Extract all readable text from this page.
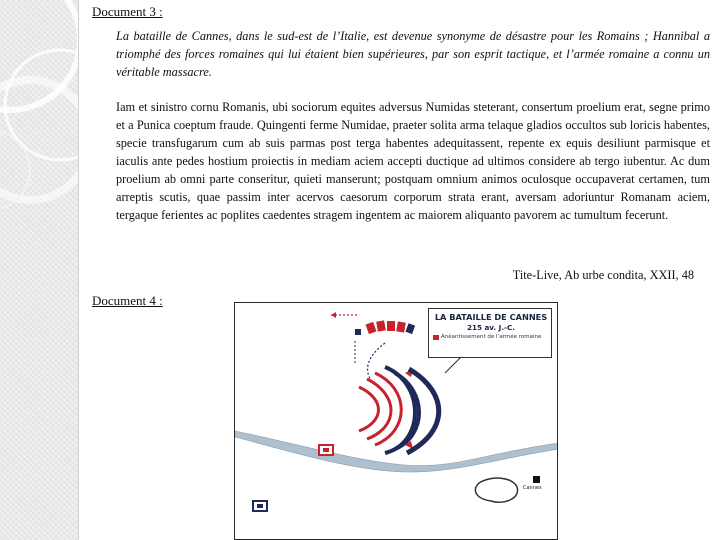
Document 3 :

La bataille de Cannes, dans le sud-est de l’Italie, est devenue synonyme de désastre pour les Romains ; Hannibal a triomphé des forces romaines qui lui étaient bien supérieures, par son esprit tactique, et l’armée romaine a connu un véritable massacre.

Iam et sinistro cornu Romanis, ubi sociorum equites adversus Numidas steterant, consertum proelium erat, segne primo et a Punica coeptum fraude. Quingenti ferme Numidae, praeter solita arma telaque gladios occultos sub loricis habentes, specie transfugarum cum ab suis parmas post terga habentes adequitassent, repente ex equis desiliunt parmisque et iaculis ante pedes hostium proiectis in mediam aciem accepti ductique ad ultimos considere ab tergo iubentur. Ac dum proelium ab omni parte conseritur, quieti manserunt; postquam omnium animos oculosque occupaverat certamen, tum arreptis scutis, quae passim inter acervos caesorum corporum strata erant, aversam adoriuntur Romanam aciem, tergaque ferientes ac poplites caedentes stragem ingentem ac maiorem aliquanto pavorem ac tumultum fecerunt.

Tite-Live, Ab urbe condita, XXII, 48
Document 4 :
LA BATAILLE DE CANNES
215 av. J.-C.
Anéantissement de l’armée romaine
Cannes
